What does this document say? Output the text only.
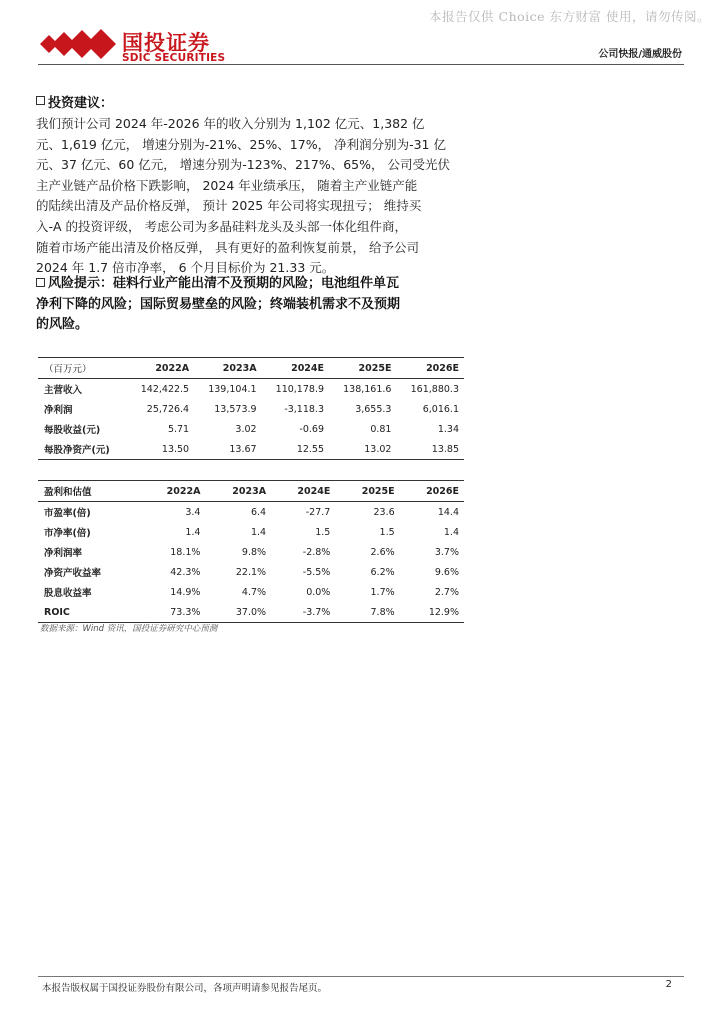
本报告仅供 Choice 东方财富 使用，请勿传阅。
国投证券
SDIC SECURITIES	公司快报/通威股份
投资建议：
我们预计公司 2024 年-2026 年的收入分别为 1,102 亿元、1,382 亿
元、1,619 亿元， 增速分别为-21%、25%、17%， 净利润分别为-31 亿
元、37 亿元、60 亿元， 增速分别为-123%、217%、65%， 公司受光伏
主产业链产品价格下跌影响， 2024 年业绩承压， 随着主产业链产能
的陆续出清及产品价格反弹， 预计 2025 年公司将实现扭亏； 维持买
入-A 的投资评级， 考虑公司为多晶硅料龙头及头部一体化组件商，
随着市场产能出清及价格反弹， 具有更好的盈利恢复前景， 给予公司
2024 年 1.7 倍市净率， 6 个月目标价为 21.33 元。
风险提示： 硅料行业产能出清不及预期的风险；电池组件单瓦
净利下降的风险；国际贸易壁垒的风险；终端装机需求不及预期
的风险。
（百万元）	2022A	2023A	2024E	2025E	2026E
主营收入	142,422.5	139,104.1	110,178.9	138,161.6	161,880.3
净利润	25,726.4	13,573.9	-3,118.3	3,655.3	6,016.1
每股收益(元)	5.71	3.02	-0.69	0.81	1.34
每股净资产(元)	13.50	13.67	12.55	13.02	13.85
盈利和估值	2022A	2023A	2024E	2025E	2026E
市盈率(倍)	3.4	6.4	-27.7	23.6	14.4
市净率(倍)	1.4	1.4	1.5	1.5	1.4
净利润率	18.1%	9.8%	-2.8%	2.6%	3.7%
净资产收益率	42.3%	22.1%	-5.5%	6.2%	9.6%
股息收益率	14.9%	4.7%	0.0%	1.7%	2.7%
ROIC	73.3%	37.0%	-3.7%	7.8%	12.9%
数据来源：Wind 资讯，国投证券研究中心预测
本报告版权属于国投证券股份有限公司，各项声明请参见报告尾页。	2
